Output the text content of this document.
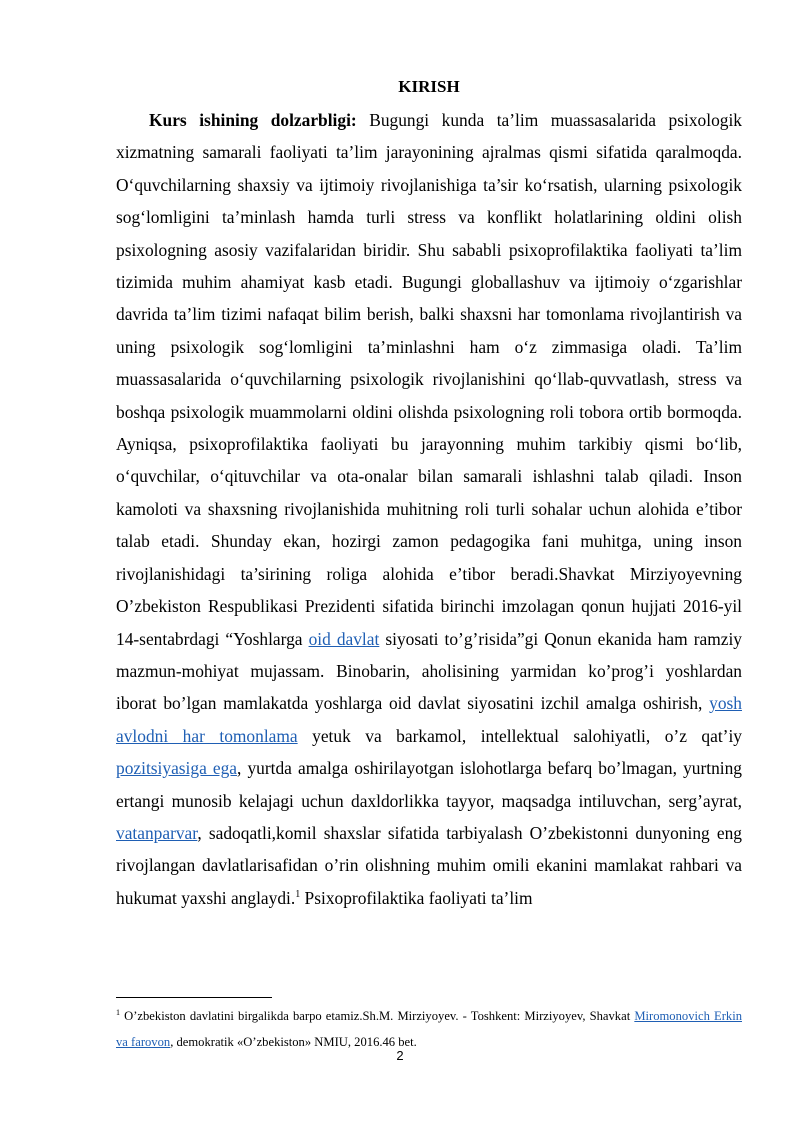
KIRISH

Kurs ishining dolzarbligi: Bugungi kunda ta’lim muassasalarida psixologik xizmatning samarali faoliyati ta’lim jarayonining ajralmas qismi sifatida qaralmoqda. O‘quvchilarning shaxsiy va ijtimoiy rivojlanishiga ta’sir ko‘rsatish, ularning psixologik sog‘lomligini ta’minlash hamda turli stress va konflikt holatlarining oldini olish psixologning asosiy vazifalaridan biridir. Shu sababli psixoprofilaktika faoliyati ta’lim tizimida muhim ahamiyat kasb etadi. Bugungi globallashuv va ijtimoiy o‘zgarishlar davrida ta’lim tizimi nafaqat bilim berish, balki shaxsni har tomonlama rivojlantirish va uning psixologik sog‘lomligini ta’minlashni ham o‘z zimmasiga oladi. Ta’lim muassasalarida o‘quvchilarning psixologik rivojlanishini qo‘llab-quvvatlash, stress va boshqa psixologik muammolarni oldini olishda psixologning roli tobora ortib bormoqda. Ayniqsa, psixoprofilaktika faoliyati bu jarayonning muhim tarkibiy qismi bo‘lib, o‘quvchilar, o‘qituvchilar va ota-onalar bilan samarali ishlashni talab qiladi. Inson kamoloti va shaxsning rivojlanishida muhitning roli turli sohalar uchun alohida e’tibor talab etadi. Shunday ekan, hozirgi zamon pedagogika fani muhitga, uning inson rivojlanishidagi ta’sirining roliga alohida e’tibor beradi.Shavkat Mirziyoyevning O’zbekiston Respublikasi Prezidenti sifatida birinchi imzolagan qonun hujjati 2016-yil 14-sentabrdagi “Yoshlarga oid davlat siyosati to’g’risida”gi Qonun ekanida ham ramziy mazmun-mohiyat mujassam. Binobarin, aholisining yarmidan ko’prog’i yoshlardan iborat bo’lgan mamlakatda yoshlarga oid davlat siyosatini izchil amalga oshirish, yosh avlodni har tomonlama yetuk va barkamol, intellektual salohiyatli, o’z qat’iy pozitsiyasiga ega, yurtda amalga oshirilayotgan islohotlarga befarq bo’lmagan, yurtning ertangi munosib kelajagi uchun daxldorlikka tayyor, maqsadga intiluvchan, serg’ayrat, vatanparvar, sadoqatli,komil shaxslar sifatida tarbiyalash O’zbekistonni dunyoning eng rivojlangan davlatlarisafidan o’rin olishning muhim omili ekanini mamlakat rahbari va hukumat yaxshi anglaydi.$^1$ Psixoprofilaktika faoliyati ta’lim

$^1$ O’zbekiston davlatini birgalikda barpo etamiz.Sh.M. Mirziyoyev. - Toshkent: Mirziyoyev, Shavkat Miromonovich Erkin va farovon, demokratik «O’zbekiston» NMIU, 2016.46 bet.

2
